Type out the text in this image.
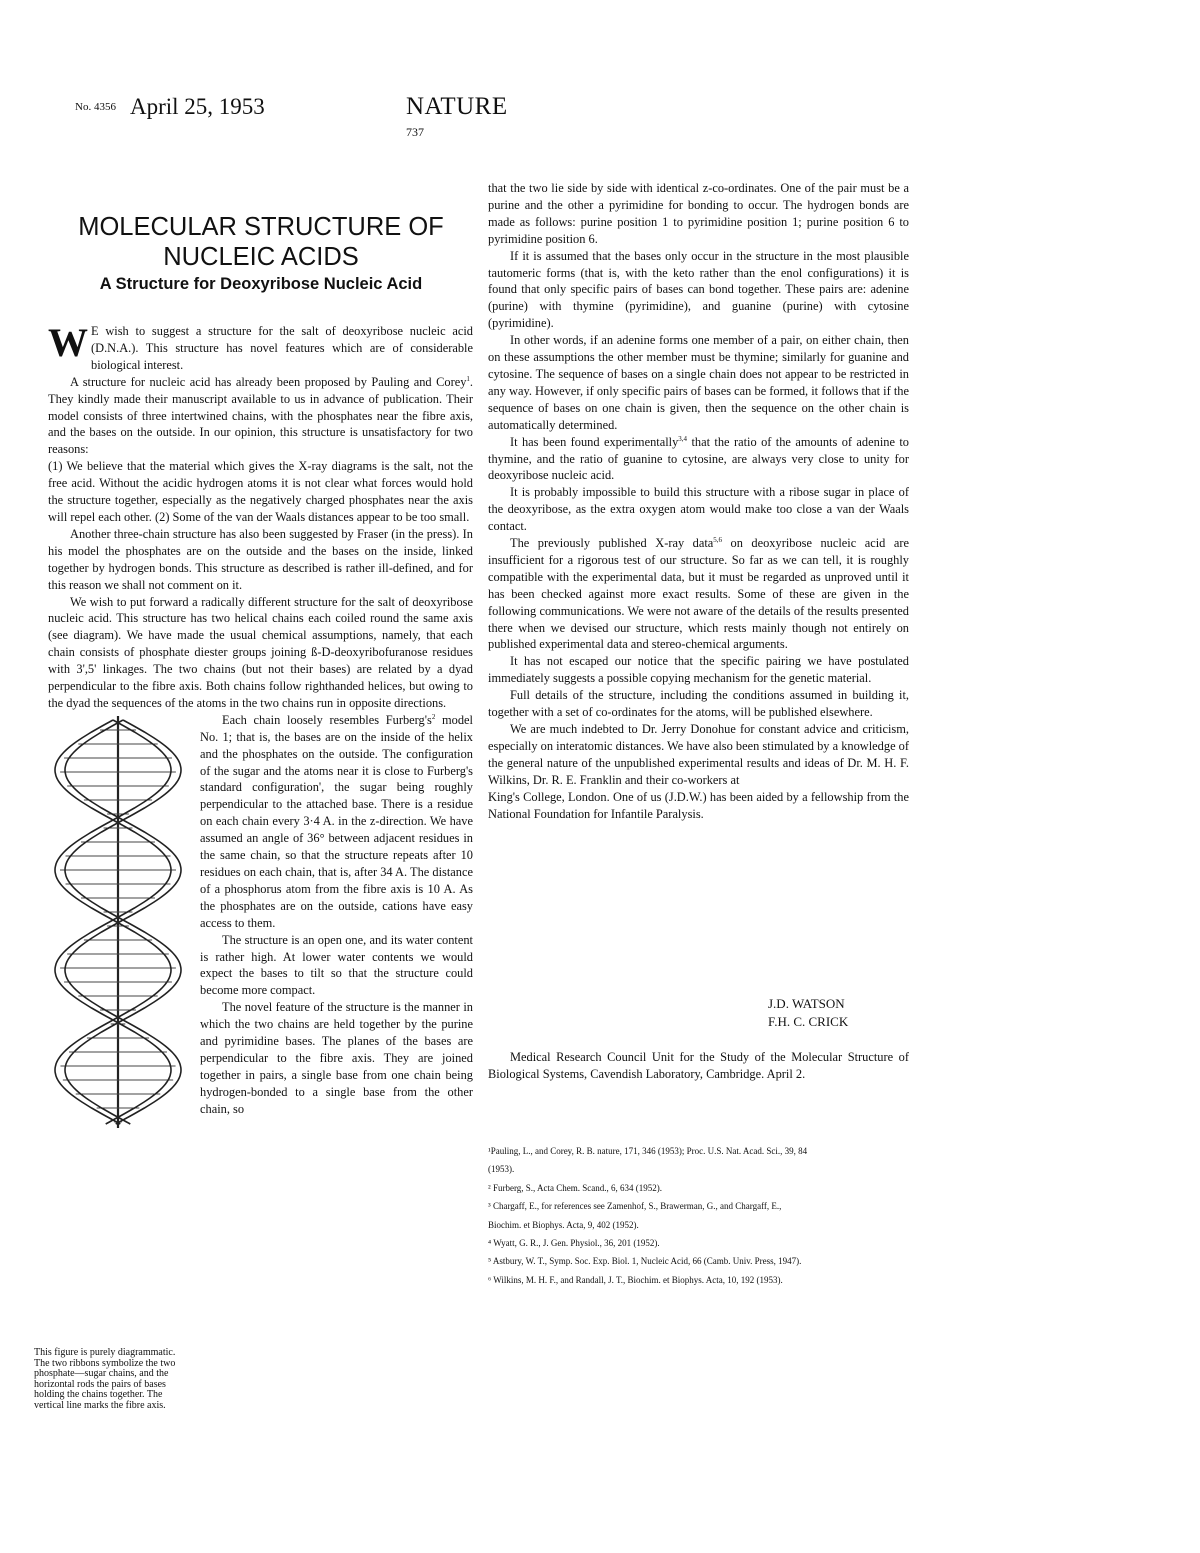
No. 4356 April 25, 1953	NATURE
737
MOLECULAR STRUCTURE OF
NUCLEIC ACIDS
A Structure for Deoxyribose Nucleic Acid

W E wish to suggest a structure for the salt of deoxyribose nucleic acid (D.N.A.). This structure has novel features which are of considerable biological interest.

A structure for nucleic acid has already been proposed by Pauling and Corey$^1$. They kindly made their manuscript available to us in advance of publication. Their model consists of three intertwined chains, with the phosphates near the fibre axis, and the bases on the outside. In our opinion, this structure is unsatisfactory for two reasons:

(1) We believe that the material which gives the X-ray diagrams is the salt, not the free acid. Without the acidic hydrogen atoms it is not clear what forces would hold the structure together, especially as the negatively charged phosphates near the axis will repel each other. (2) Some of the van der Waals distances appear to be too small.

Another three-chain structure has also been suggested by Fraser (in the press). In his model the phosphates are on the outside and the bases on the inside, linked together by hydrogen bonds. This structure as described is rather ill-defined, and for this reason we shall not comment on it.

We wish to put forward a radically different structure for the salt of deoxyribose nucleic acid. This structure has two helical chains each coiled round the same axis (see diagram). We have made the usual chemical assumptions, namely, that each chain consists of phosphate diester groups joining ß-D-deoxyribofuranose residues with 3',5' linkages. The two chains (but not their bases) are related by a dyad perpendicular to the fibre axis. Both chains follow righthanded helices, but owing to the dyad the sequences of the atoms in the two chains run in opposite directions.

Each chain loosely resembles $Furberg's^2$ model No. 1; that is, the bases are on the inside of the helix and the phosphates on the outside. The configuration of the sugar and the atoms near it is close to Furberg's standard configuration', the sugar being roughly perpendicular to the attached base. There is a residue on each chain every 3·4 A. in the z-direction. We have assumed an angle of 36° between adjacent residues in the same chain, so that the structure repeats after 10 residues on each chain, that is, after 34 A. The distance of a phosphorus atom from the fibre axis is 10 A. As the phosphates are on the outside, cations have easy access to them.

The structure is an open one, and its water content is rather high. At lower water contents we would expect the bases to tilt so that the structure could become more compact.

The novel feature of the structure is the manner in which the two chains are held together by the purine and pyrimidine bases. The planes of the bases are perpendicular to the fibre axis. They are joined together in pairs, a single base from one chain being hydrogen-bonded to a single base from the other chain, so

that the two lie side by side with identical z-co-ordinates. One of the pair must be a purine and the other a pyrimidine for bonding to occur. The hydrogen bonds are made as follows: purine position 1 to pyrimidine position 1; purine position 6 to pyrimidine position 6.

If it is assumed that the bases only occur in the structure in the most plausible tautomeric forms (that is, with the keto rather than the enol configurations) it is found that only specific pairs of bases can bond together. These pairs are: adenine (purine) with thymine (pyrimidine), and guanine (purine) with cytosine (pyrimidine).

In other words, if an adenine forms one member of a pair, on either chain, then on these assumptions the other member must be thymine; similarly for guanine and cytosine. The sequence of bases on a single chain does not appear to be restricted in any way. However, if only specific pairs of bases can be formed, it follows that if the sequence of bases on one chain is given, then the sequence on the other chain is automatically determined.

It has been found experimentally$^{3,4}$ that the ratio of the amounts of adenine to thymine, and the ratio of guanine to cytosine, are always very close to unity for deoxyribose nucleic acid.

It is probably impossible to build this structure with a ribose sugar in place of the deoxyribose, as the extra oxygen atom would make too close a van der Waals contact.

The previously published X-ray data$^{5,6}$ on deoxyribose nucleic acid are insufficient for a rigorous test of our structure. So far as we can tell, it is roughly compatible with the experimental data, but it must be regarded as unproved until it has been checked against more exact results. Some of these are given in the following communications. We were not aware of the details of the results presented there when we devised our structure, which rests mainly though not entirely on published experimental data and stereo-chemical arguments.

It has not escaped our notice that the specific pairing we have postulated immediately suggests a possible copying mechanism for the genetic material.

Full details of the structure, including the conditions assumed in building it, together with a set of co-ordinates for the atoms, will be published elsewhere.

We are much indebted to Dr. Jerry Donohue for constant advice and criticism, especially on interatomic distances. We have also been stimulated by a knowledge of the general nature of the unpublished experimental results and ideas of Dr. M. H. F. Wilkins, Dr. R. E. Franklin and their co-workers at

King's College, London. One of us (J.D.W.) has been aided by a fellowship from the National Foundation for Infantile Paralysis.

J.D. WATSON
F.H. C. CRICK
Medical Research Council Unit for the Study of the Molecular Structure of Biological Systems, Cavendish Laboratory, Cambridge. April 2.
¹Pauling, L., and Corey, R. B. nature, 171, 346 (1953); Proc. U.S. Nat. Acad. Sci., 39, 84
(1953).
² Furberg, S., Acta Chem. Scand., 6, 634 (1952).
³ Chargaff, E., for references see Zamenhof, S., Brawerman, G., and Chargaff, E.,
Biochim. et Biophys. Acta, 9, 402 (1952).
⁴ Wyatt, G. R., J. Gen. Physiol., 36, 201 (1952).
⁵ Astbury, W. T., Symp. Soc. Exp. Biol. 1, Nucleic Acid, 66 (Camb. Univ. Press, 1947).
⁶ Wilkins, M. H. F., and Randall, J. T., Biochim. et Biophys. Acta, 10, 192 (1953).
This figure is purely diagrammatic.
The two ribbons symbolize the two
phosphate—sugar chains, and the
horizontal rods the pairs of bases
holding the chains together. The
vertical line marks the fibre axis.
